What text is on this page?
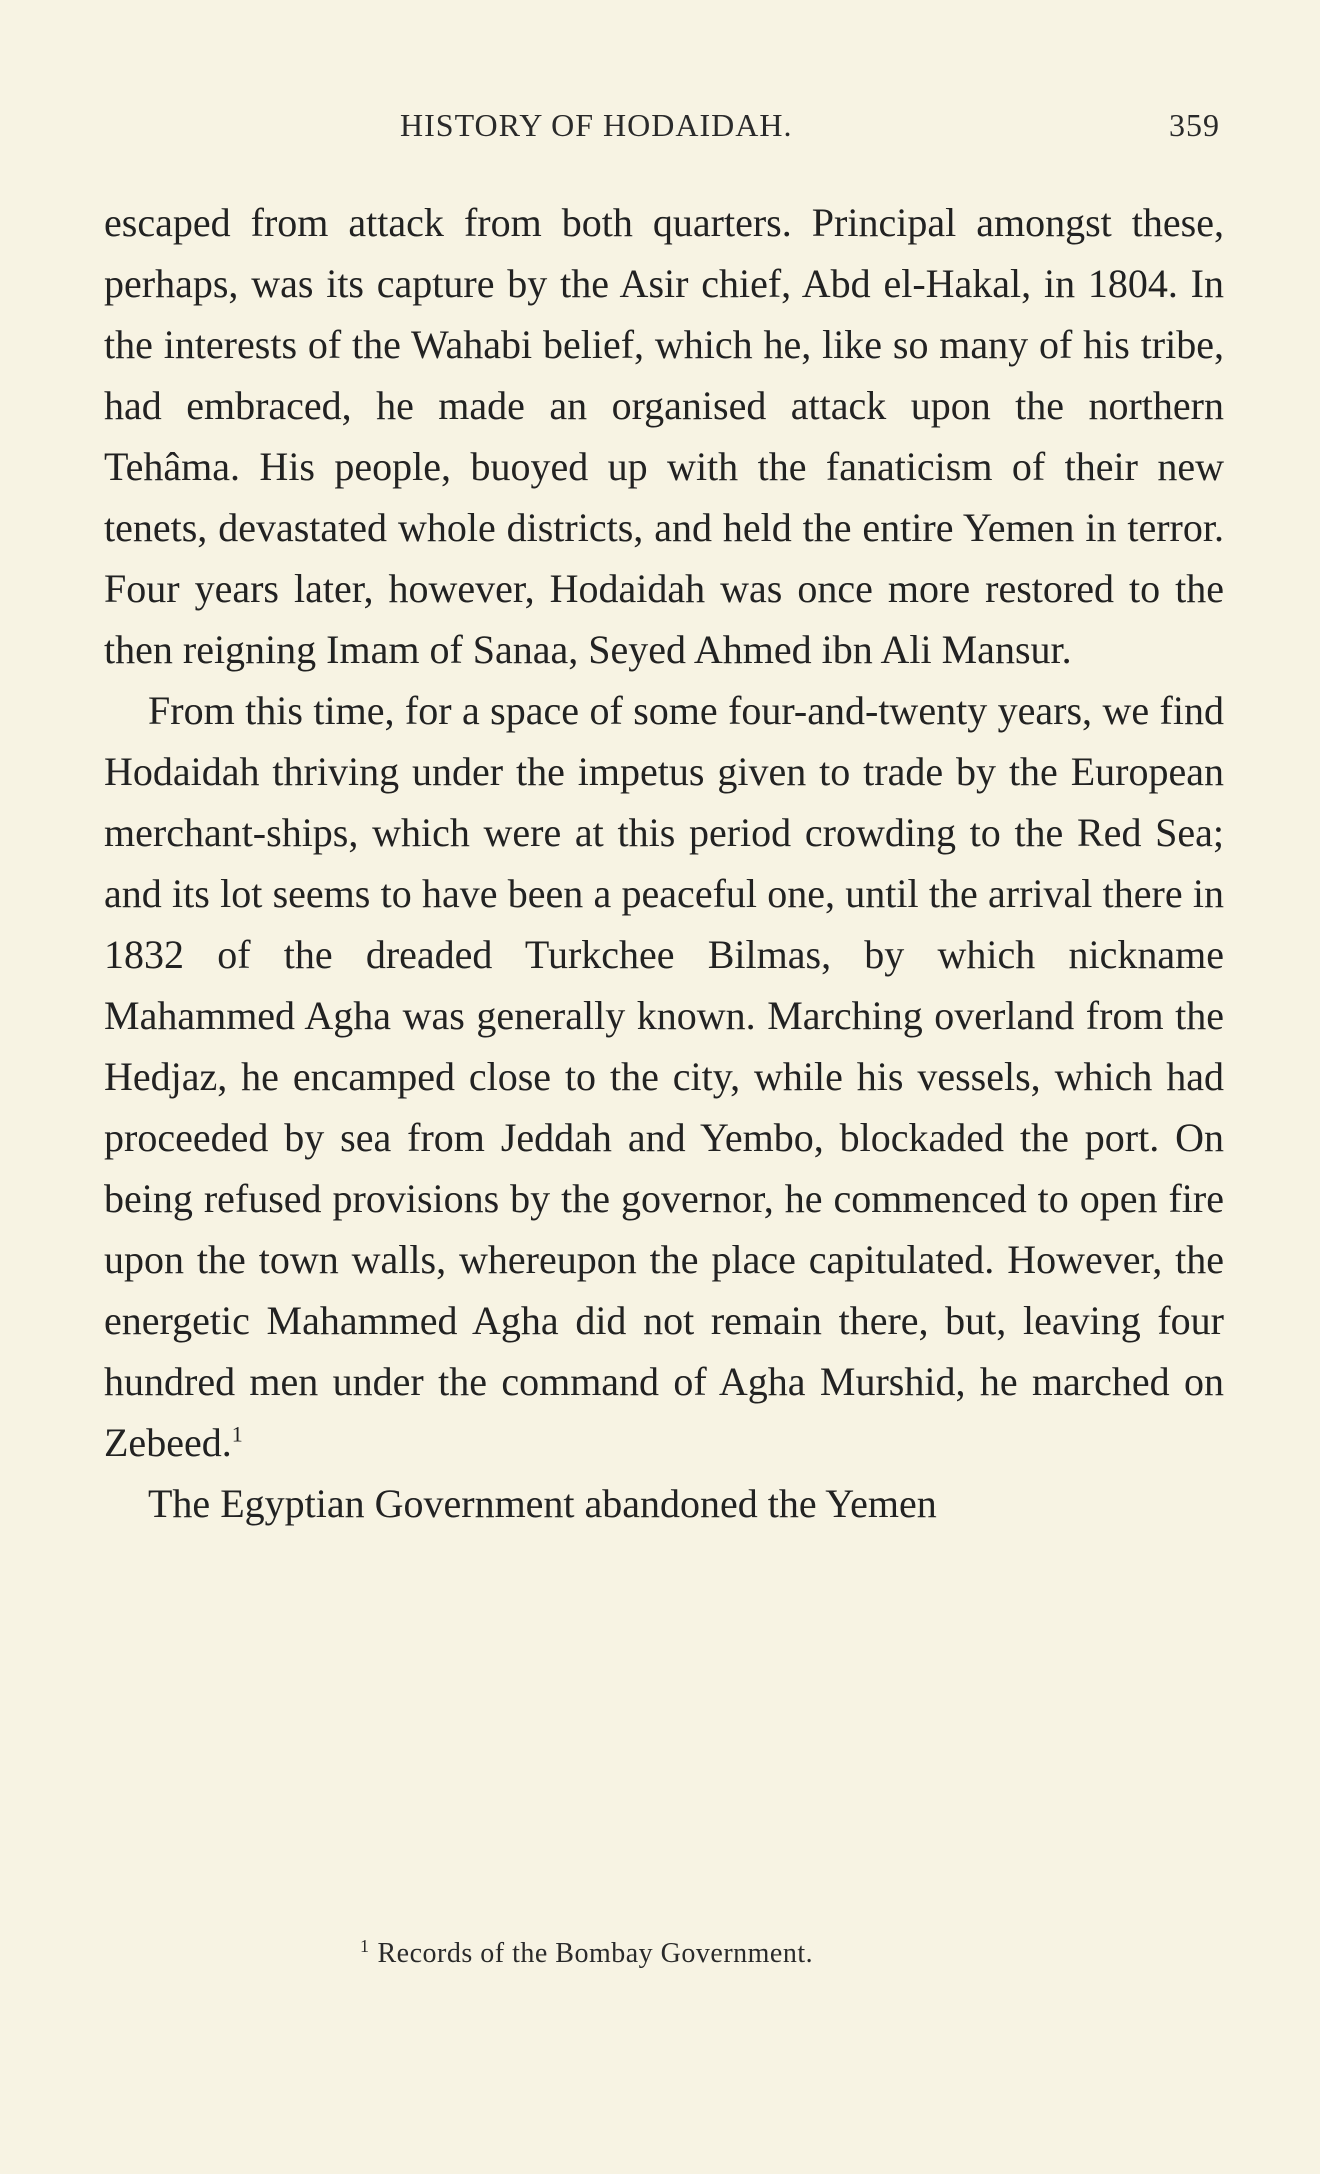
HISTORY OF HODAIDAH.	359

escaped from attack from both quarters. Principal amongst these, perhaps, was its capture by the Asir chief, Abd el-Hakal, in 1804. In the interests of the Wahabi belief, which he, like so many of his tribe, had embraced, he made an organised attack upon the northern Tehâma. His people, buoyed up with the fanaticism of their new tenets, devastated whole districts, and held the entire Yemen in terror. Four years later, however, Hodaidah was once more restored to the then reigning Imam of Sanaa, Seyed Ahmed ibn Ali Mansur.

From this time, for a space of some four-and-twenty years, we find Hodaidah thriving under the impetus given to trade by the European merchant-ships, which were at this period crowding to the Red Sea; and its lot seems to have been a peaceful one, until the arrival there in 1832 of the dreaded Turkchee Bilmas, by which nickname Mahammed Agha was generally known. Marching overland from the Hedjaz, he encamped close to the city, while his vessels, which had proceeded by sea from Jeddah and Yembo, blockaded the port. On being refused provisions by the governor, he commenced to open fire upon the town walls, whereupon the place capitulated. However, the energetic Mahammed Agha did not remain there, but, leaving four hundred men under the command of Agha Murshid, he marched on Zebeed.$^1$

The Egyptian Government abandoned the Yemen

$^1$ Records of the Bombay Government.
